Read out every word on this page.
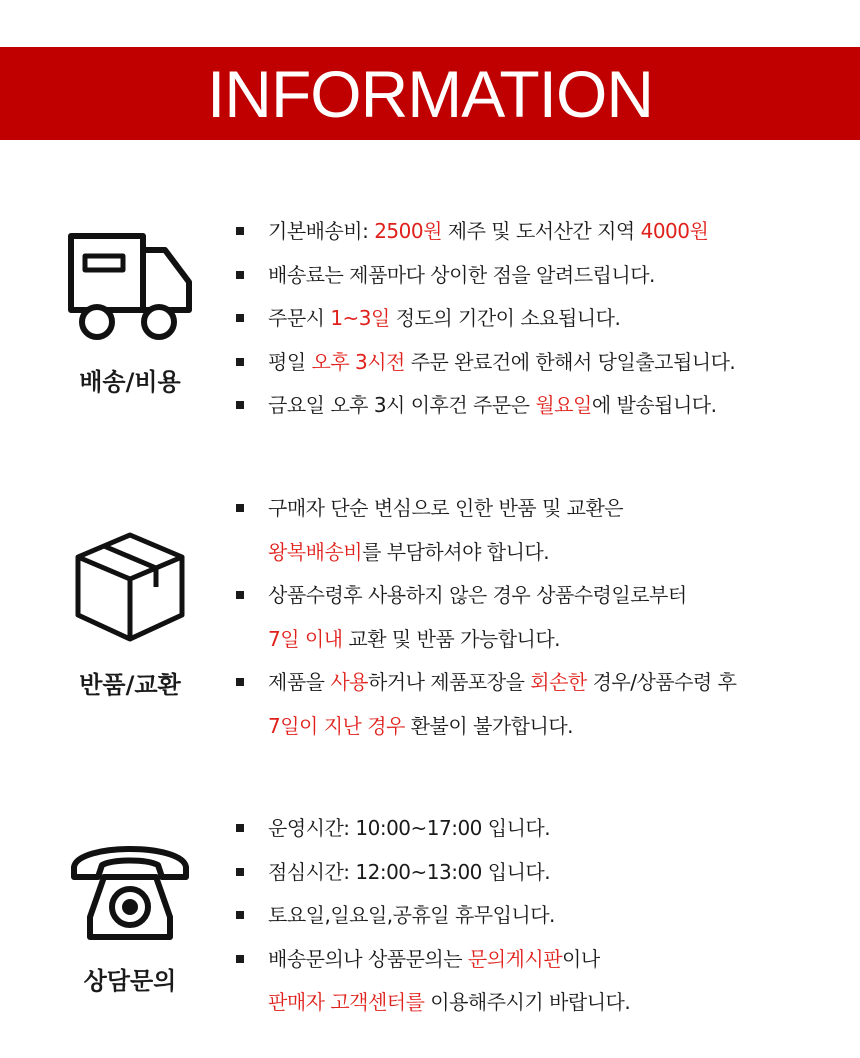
INFORMATION
배송/비용
기본배송비: 2500원 제주 및 도서산간 지역 4000원
배송료는 제품마다 상이한 점을 알려드립니다.
주문시 1~3일 정도의 기간이 소요됩니다.
평일 오후 3시전 주문 완료건에 한해서 당일출고됩니다.
금요일 오후 3시 이후건 주문은 월요일에 발송됩니다.
반품/교환
구매자 단순 변심으로 인한 반품 및 교환은
왕복배송비를 부담하셔야 합니다.
상품수령후 사용하지 않은 경우 상품수령일로부터
7일 이내 교환 및 반품 가능합니다.
제품을 사용하거나 제품포장을 회손한 경우/상품수령 후
7일이 지난 경우 환불이 불가합니다.
상담문의
운영시간: 10:00~17:00 입니다.
점심시간: 12:00~13:00 입니다.
토요일,일요일,공휴일 휴무입니다.
배송문의나 상품문의는 문의게시판이나
판매자 고객센터를 이용해주시기 바랍니다.
